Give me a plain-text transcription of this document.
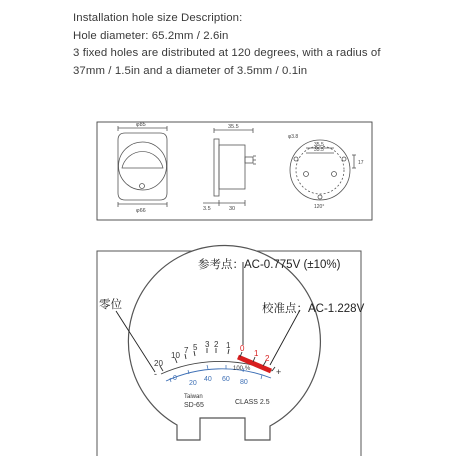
Installation hole size Description:
Hole diameter: 65.2mm / 2.6in
3 fixed holes are distributed at 120 degrees, with a radius of
37mm / 1.5in and a diameter of 3.5mm / 0.1in
φ85
φ66
35.5
3.5	30
φ3.8
35.5
35.5
17
120°
20
10
7 5 3 2 1 0
1
2
-	+
0
20
40 60 80
100 %
Taiwan
SD-65	CLASS 2.5
参考点：AC-0.775V (±10%)
校准点：AC-1.228V
零位
